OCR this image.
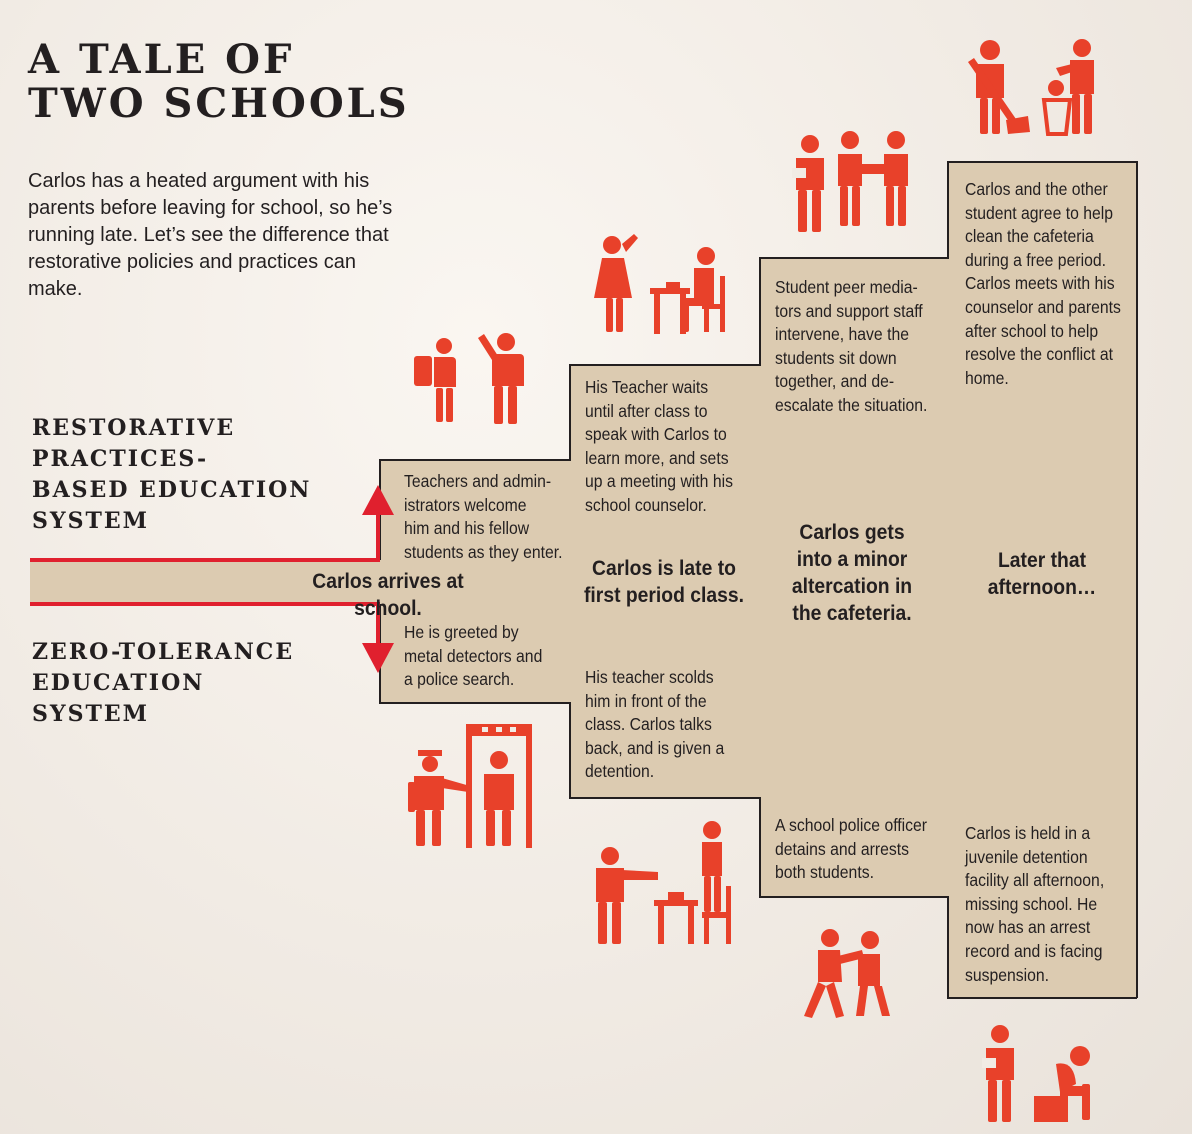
A TALE OF
TWO SCHOOLS

Carlos has a heated argument with his parents before leaving for school, so he’s running late. Let’s see the difference that restorative policies and practices can make.

RESTORATIVE
PRACTICES-
BASED EDUCATION
SYSTEM
ZERO-TOLERANCE
EDUCATION
SYSTEM
Carlos arrives at school.
Carlos is late to
first period class.
Carlos gets
into a minor
altercation in
the cafeteria.
Later that
afternoon…
Teachers and admin-
istrators welcome
him and his fellow
students as they enter.
His Teacher waits
until after class to
speak with Carlos to
learn more, and sets
up a meeting with his
school counselor.
Student peer media-
tors and support staff
intervene, have the
students sit down
together, and de-
escalate the situation.
Carlos and the other
student agree to help
clean the cafeteria
during a free period.
Carlos meets with his
counselor and parents
after school to help
resolve the conflict at
home.
He is greeted by
metal detectors and
a police search.	His teacher scolds
him in front of the
class. Carlos talks
back, and is given a
detention.
A school police officer
detains and arrests
both students.
Carlos is held in a
juvenile detention
facility all afternoon,
missing school. He
now has an arrest
record and is facing
suspension.
